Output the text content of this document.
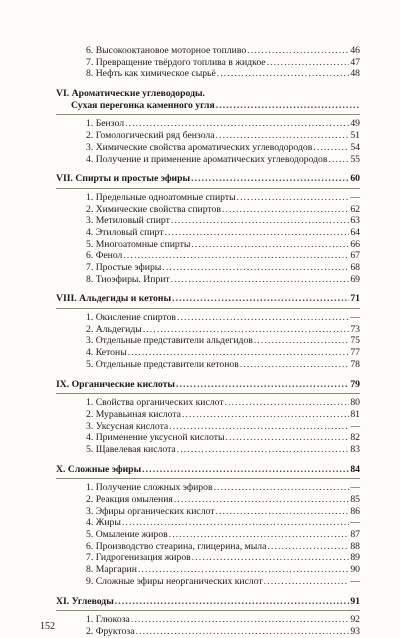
6. Высокооктановое моторное топливо .....	46
7. Превращение твёрдого топлива в жидкое .....	47
8. Нефть как химическое сырьё .....	48
VI. Ароматические углеводороды.
Сухая перегонка каменного угля
.....
1. Бензол .....	49
2. Гомологический ряд бензола .....	51
3. Химические свойства ароматических углеводородов .....	54
4. Получение и применение ароматических углеводородов ..... 55
VII. Спирты и простые эфиры .....	60
1. Предельные одноатомные спирты .....	—
2. Химические свойства спиртов .....	62
3. Метиловый спирт .....	63
4. Этиловый спирт .....	64
5. Многоатомные спирты .....	66
6. Фенол .....	67
7. Простые эфиры .....	68
8. Тиоэфиры. Иприт .....	69
VIII. Альдегиды и кетоны .....	71
1. Окисление спиртов .....	—
2. Альдегиды .....	73
3. Отдельные представители альдегидов .....	75
4. Кетоны .....	77
5. Отдельные представители кетонов .....	78
IX. Органические кислоты .....	79
1. Свойства органических кислот .....	80
2. Муравьиная кислота .....	81
3. Уксусная кислота .....	—
4. Применение уксусной кислоты .....	82
5. Щавелевая кислота .....	83
X. Сложные эфиры .....	84
1. Получение сложных эфиров .....	—
2. Реакция омыления .....	85
3. Эфиры органических кислот .....	86
4. Жиры .....	—
5. Омыление жиров .....	87
6. Производство стеарина, глицерина, мыла .....	88
7. Гидрогенизация жиров .....	89
8. Маргарин .....	90
9. Сложные эфиры неорганических кислот .....	—
XI. Углеводы .....	91
1. Глюкоза .....	92
2. Фруктоза .....	93
152
